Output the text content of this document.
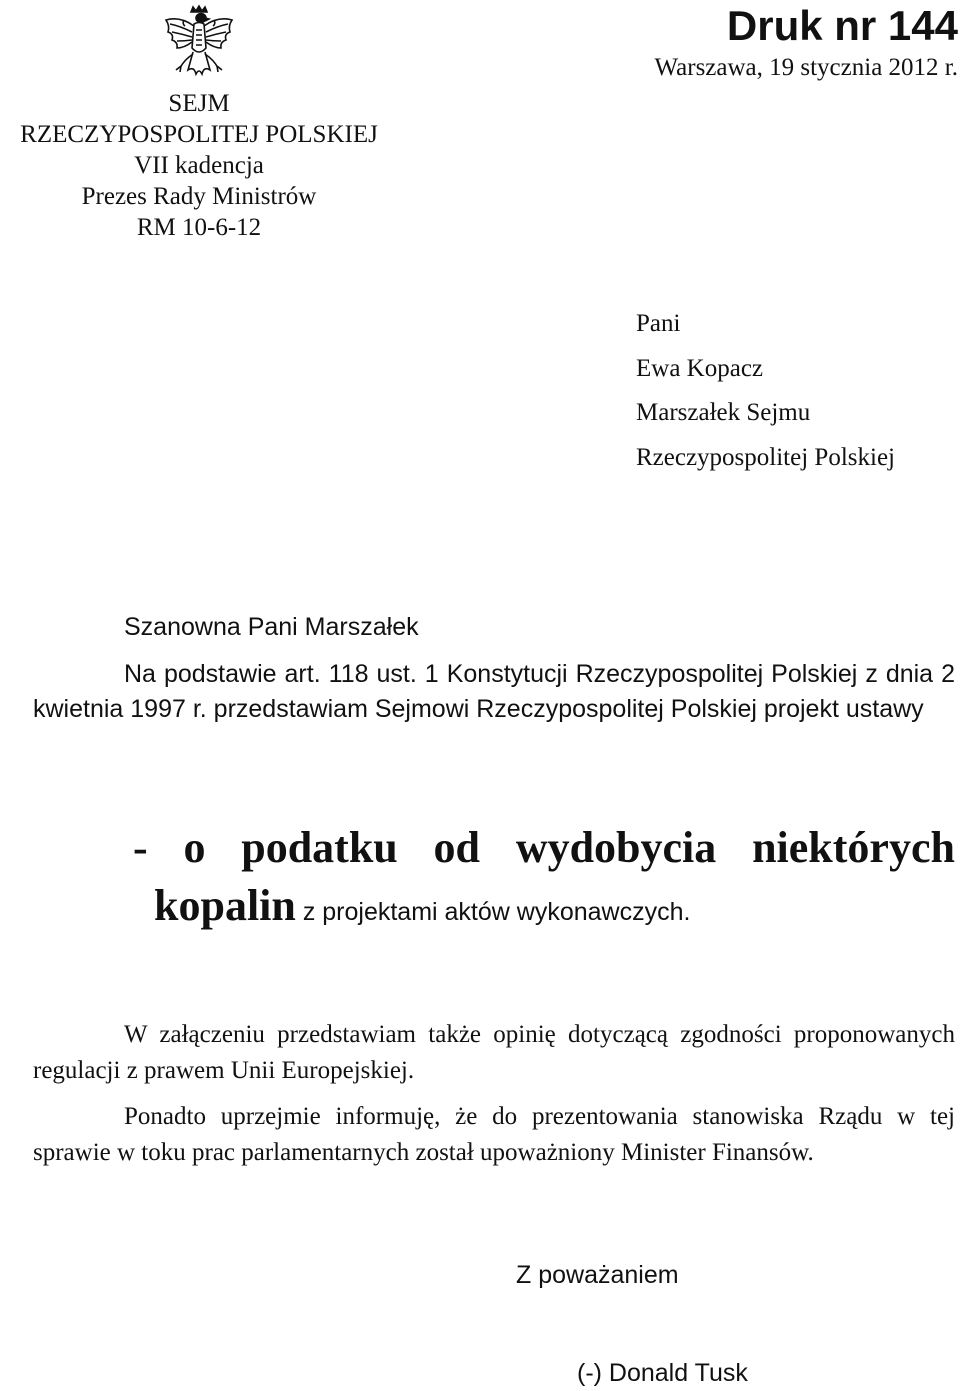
SEJM
RZECZYPOSPOLITEJ POLSKIEJ
VII kadencja
Prezes Rady Ministrów
RM 10-6-12
Druk nr 144
Warszawa, 19 stycznia 2012 r.
Pani
Ewa Kopacz
Marszałek Sejmu
Rzeczypospolitej Polskiej
Szanowna Pani Marszałek

Na podstawie art. 118 ust. 1 Konstytucji Rzeczypospolitej Polskiej z dnia 2 kwietnia 1997 r. przedstawiam Sejmowi Rzeczypospolitej Polskiej projekt ustawy

- o podatku od wydobycia niektórych
kopalin z projektami aktów wykonawczych.

W załączeniu przedstawiam także opinię dotyczącą zgodności proponowanych regulacji z prawem Unii Europejskiej.

Ponadto uprzejmie informuję, że do prezentowania stanowiska Rządu w tej sprawie w toku prac parlamentarnych został upoważniony Minister Finansów.

Z poważaniem
(-) Donald Tusk
